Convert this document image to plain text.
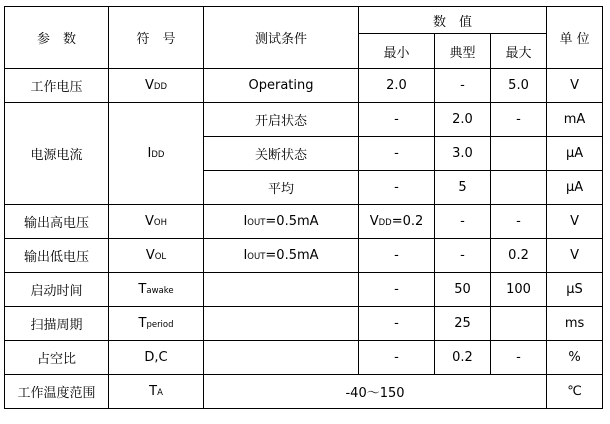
参　数	符　号	测试条件	数　值			单 位
			最小	典型	最大	
工作电压	VDD	Operating	2.0	-	5.0	V
电源电流	IDD	开启状态	-	2.0	-	mA
		关断状态	-	3.0		μA
		平均	-	5		μA
输出高电压	VOH	IOUT=0.5mA	VDD=0.2	-	-	V
输出低电压	VOL	IOUT=0.5mA	-	-	0.2	V
启动时间	Tawake		-	50	100	μS
扫描周期	Tperiod		-	25		ms
占空比	D,C		-	0.2	-	%
工作温度范围	TA	-40～150				℃
